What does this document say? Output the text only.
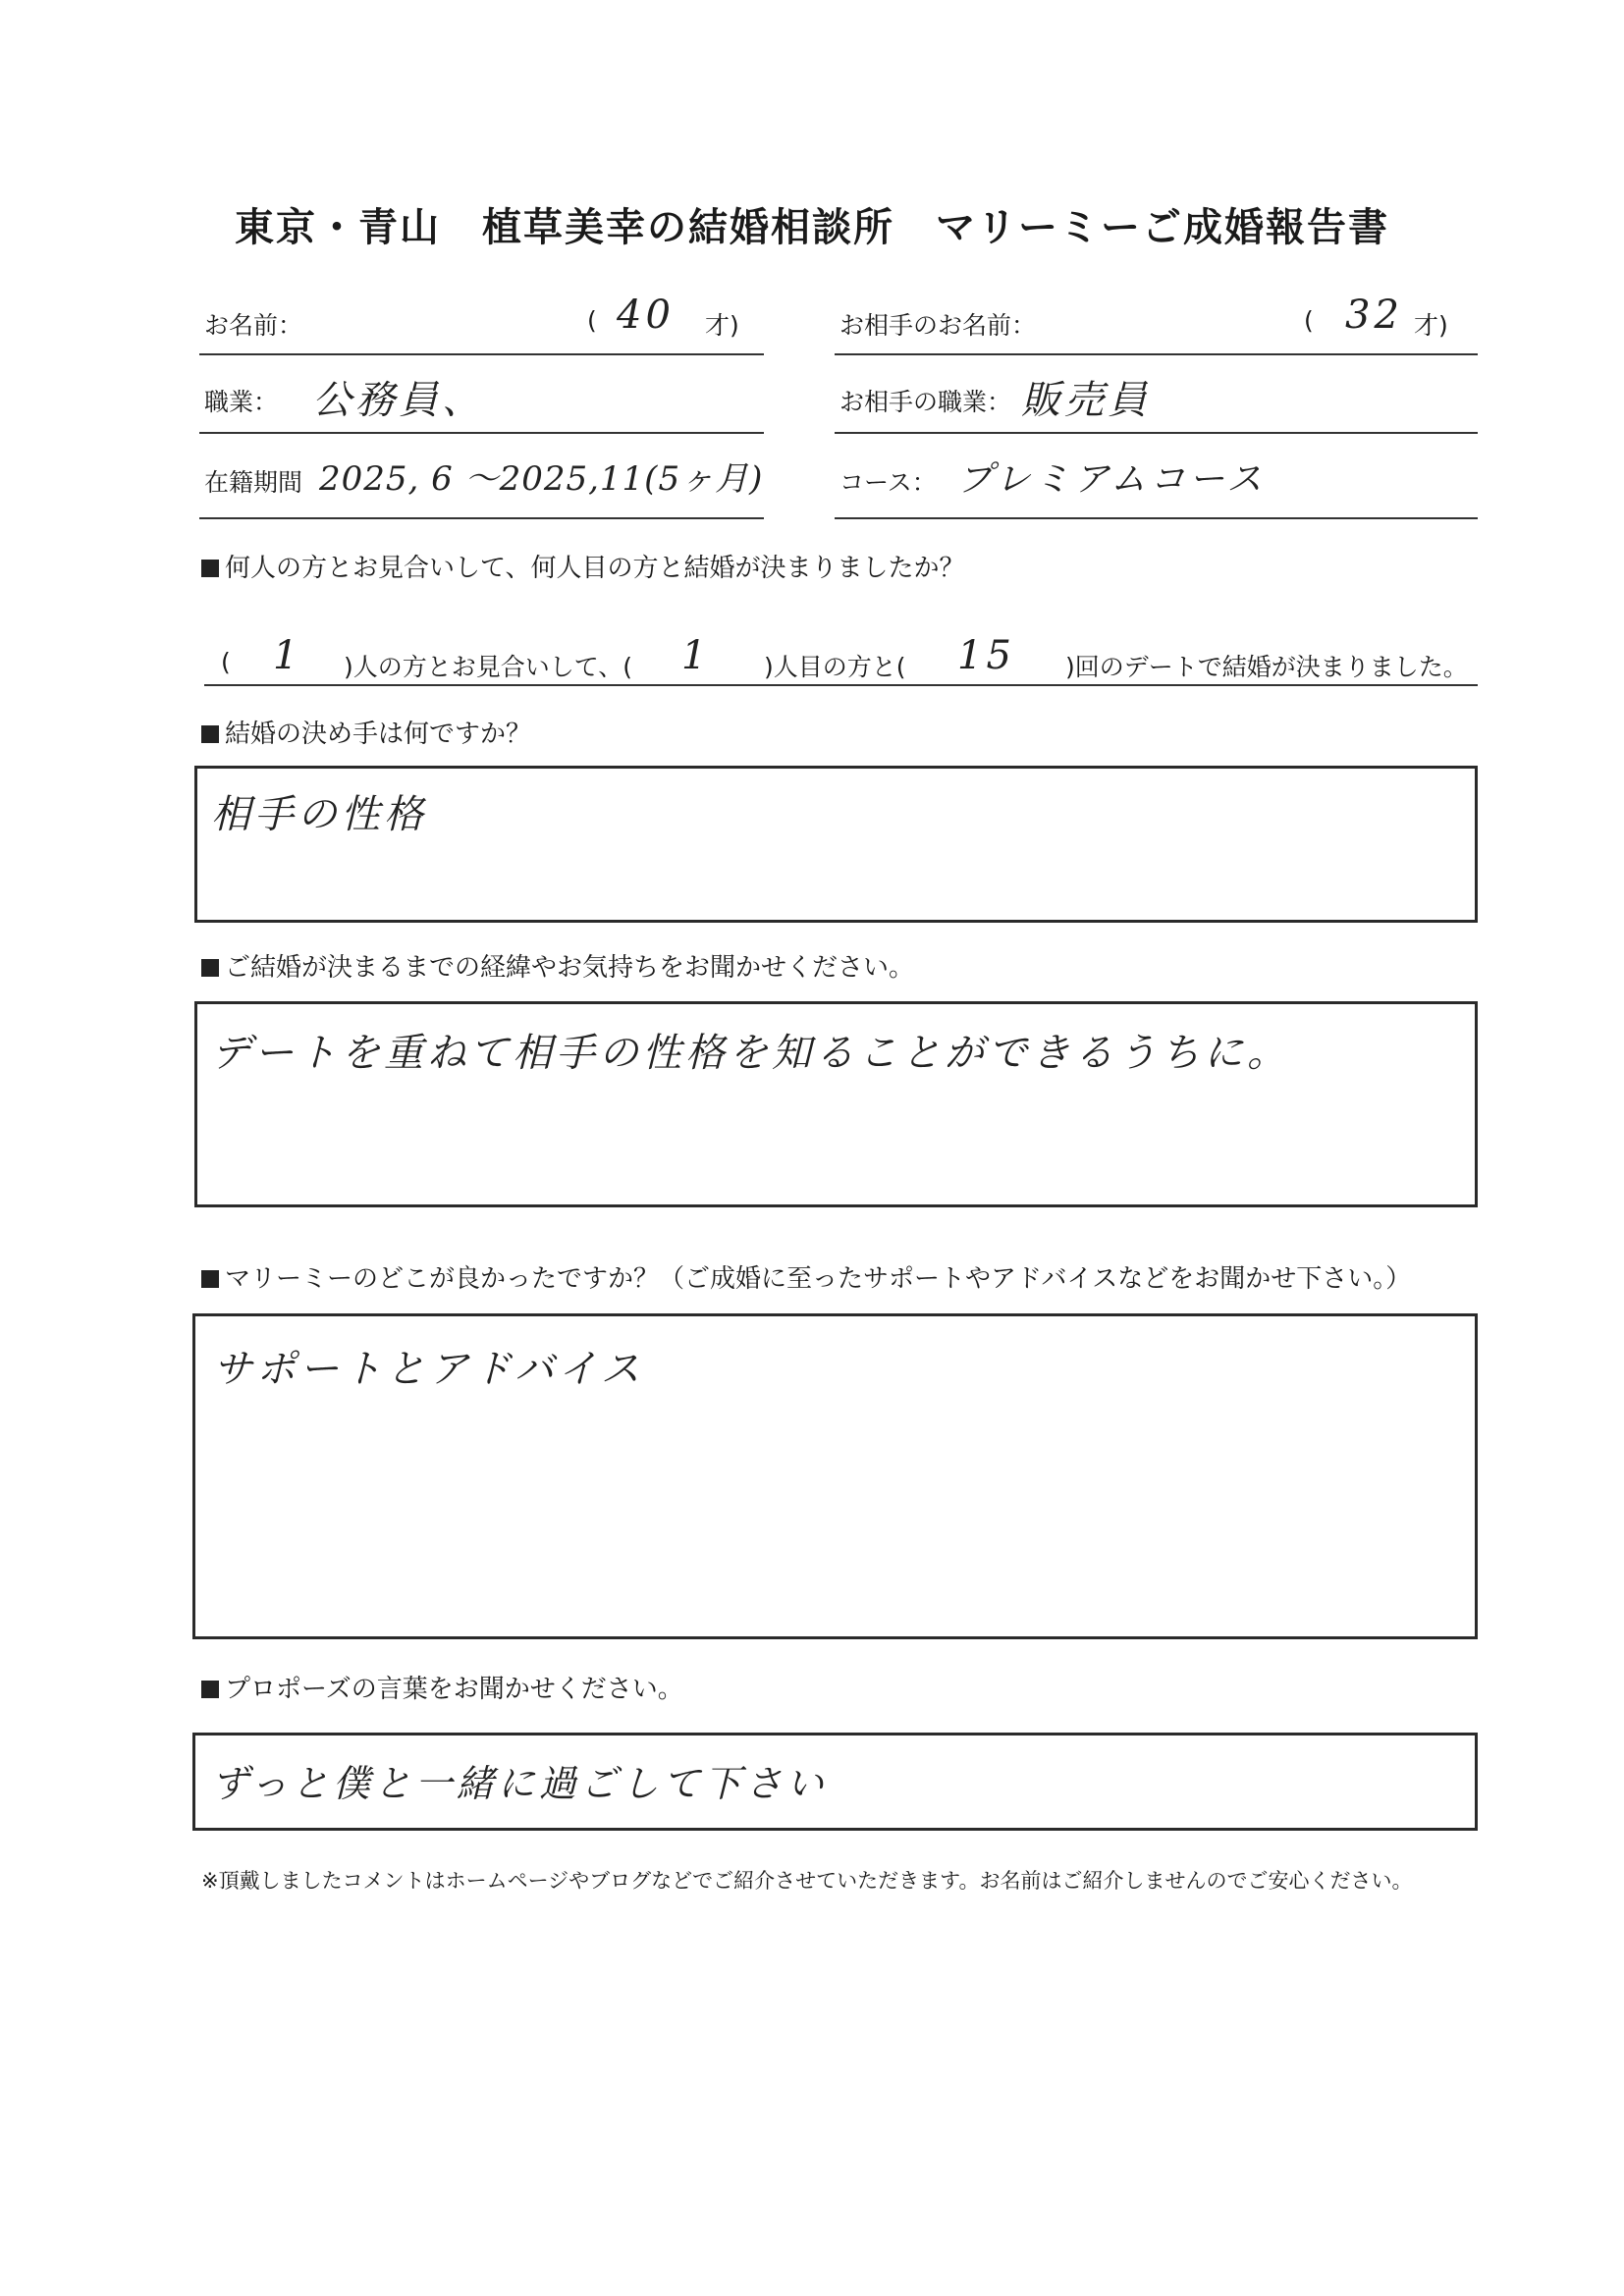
東京・青山　植草美幸の結婚相談所　マリーミーご成婚報告書
お名前：	( 40 才)	お相手のお名前：	( 32 才)
職業： 公務員、	お相手の職業： 販売員
在籍期間 2025, 6 ～2025,11(5ヶ月)	コース： プレミアムコース
何人の方とお見合いして、何人目の方と結婚が決まりましたか？
( 1 )人の方とお見合いして、( 1 )人目の方と( 15 )回のデートで結婚が決まりました。
結婚の決め手は何ですか？
相手の性格
ご結婚が決まるまでの経緯やお気持ちをお聞かせください。
デートを重ねて相手の性格を知ることができるうちに。
マリーミーのどこが良かったですか？（ご成婚に至ったサポートやアドバイスなどをお聞かせ下さい。）
サポートとアドバイス
プロポーズの言葉をお聞かせください。
ずっと僕と一緒に過ごして下さい
※頂戴しましたコメントはホームページやブログなどでご紹介させていただきます。お名前はご紹介しませんのでご安心ください。
